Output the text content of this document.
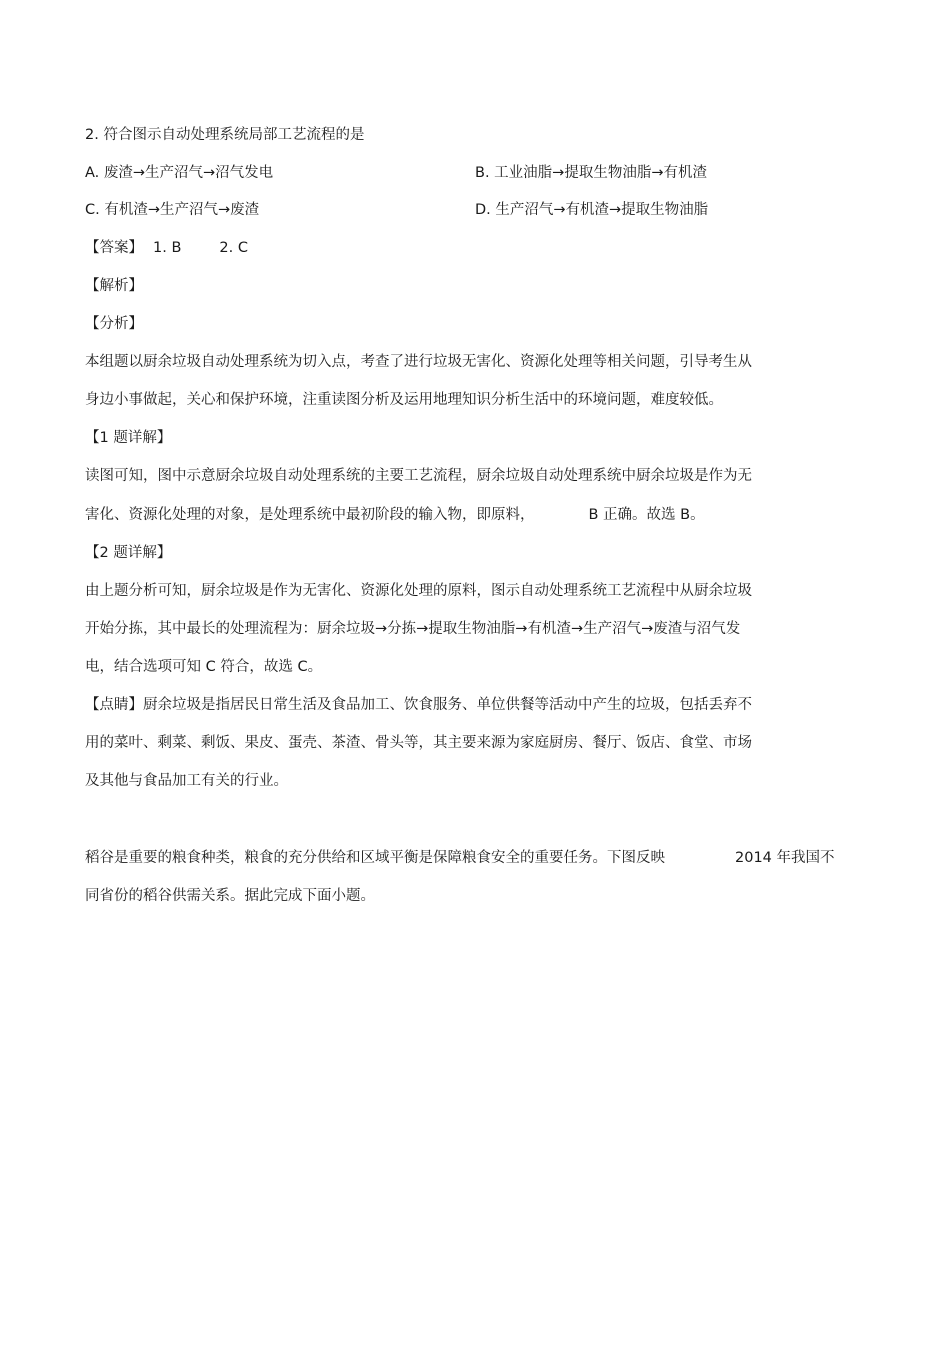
2. 符合图示自动处理系统局部工艺流程的是
A. 废渣→生产沼气→沼气发电	B. 工业油脂→提取生物油脂→有机渣
C. 有机渣→生产沼气→废渣	D. 生产沼气→有机渣→提取生物油脂
【答案】 1. B	2. C
【解析】
【分析】
本组题以厨余垃圾自动处理系统为切入点，考查了进行垃圾无害化、资源化处理等相关问题，引导考生从
身边小事做起，关心和保护环境，注重读图分析及运用地理知识分析生活中的环境问题，难度较低。
【1 题详解】
读图可知，图中示意厨余垃圾自动处理系统的主要工艺流程，厨余垃圾自动处理系统中厨余垃圾是作为无
害化、资源化处理的对象，是处理系统中最初阶段的输入物，即原料，	B 正确。故选 B。
【2 题详解】
由上题分析可知，厨余垃圾是作为无害化、资源化处理的原料，图示自动处理系统工艺流程中从厨余垃圾
开始分拣，其中最长的处理流程为：厨余垃圾→分拣→提取生物油脂→有机渣→生产沼气→废渣与沼气发
电，结合选项可知 C 符合，故选 C。
【点睛】厨余垃圾是指居民日常生活及食品加工、饮食服务、单位供餐等活动中产生的垃圾，包括丢弃不
用的菜叶、剩菜、剩饭、果皮、蛋壳、茶渣、骨头等，其主要来源为家庭厨房、餐厅、饭店、食堂、市场
及其他与食品加工有关的行业。
稻谷是重要的粮食种类，粮食的充分供给和区域平衡是保障粮食安全的重要任务。下图反映	2014 年我国不
同省份的稻谷供需关系。据此完成下面小题。
